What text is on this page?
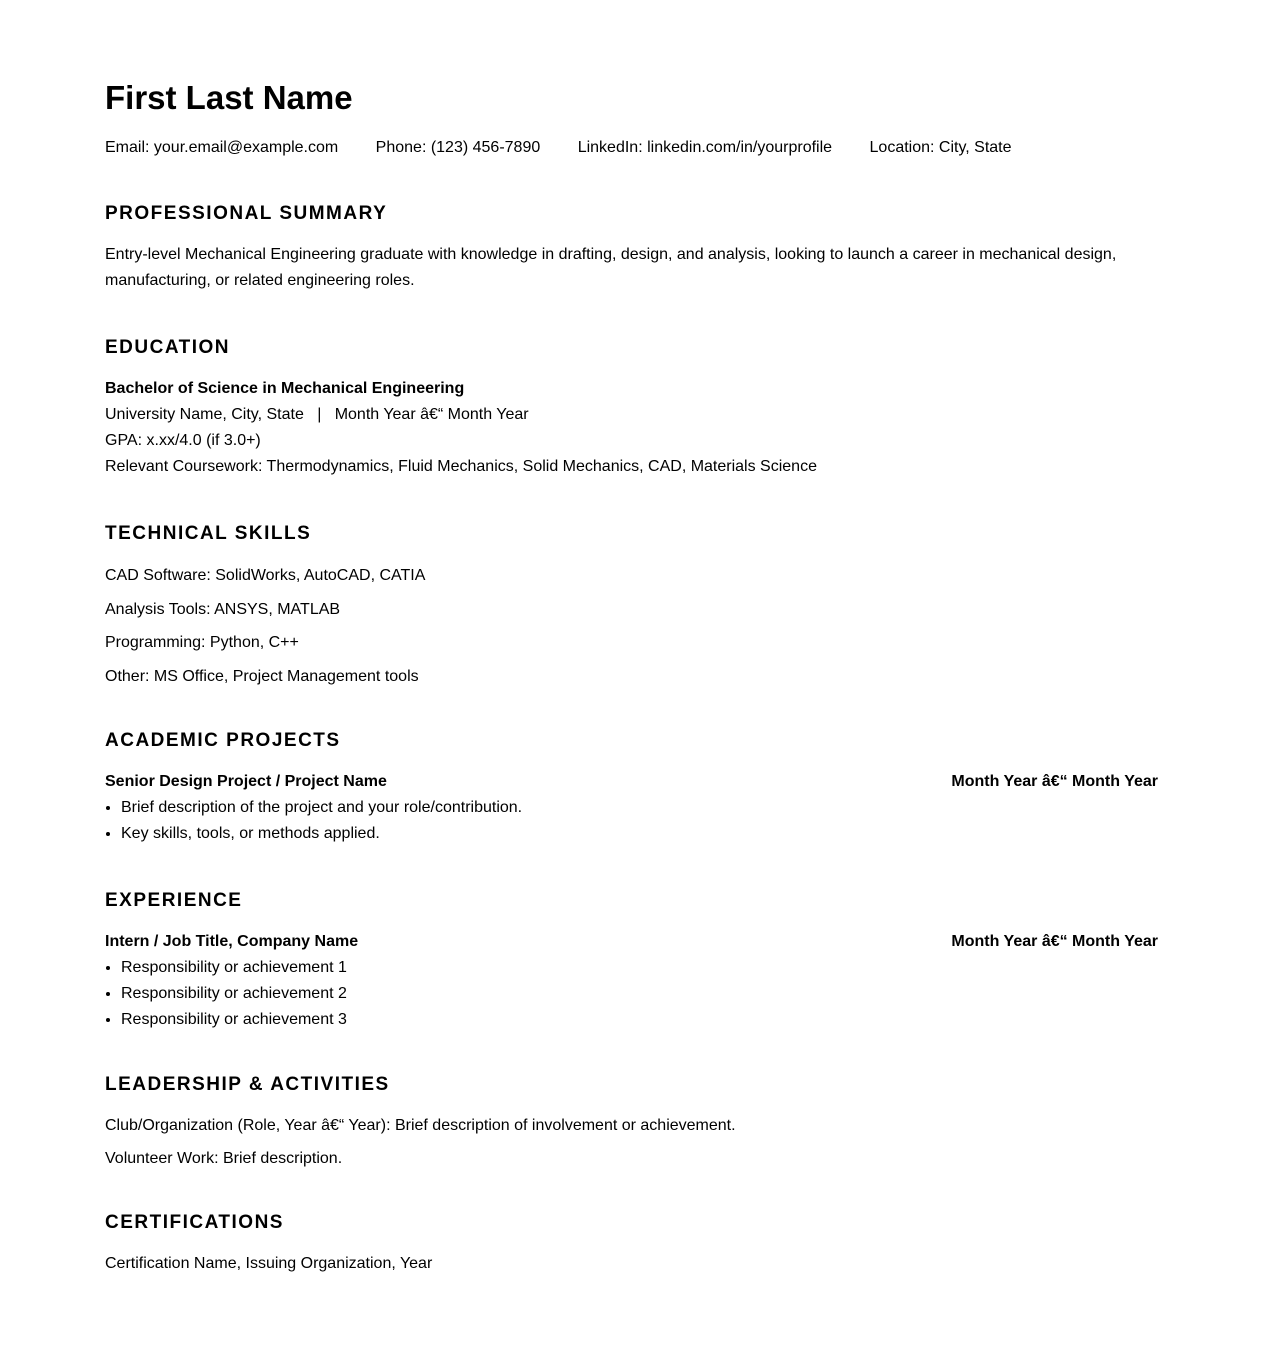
First Last Name
Email: your.email@example.com Phone: (123) 456-7890 LinkedIn: linkedin.com/in/yourprofile Location: City, State
PROFESSIONAL SUMMARY
Entry-level Mechanical Engineering graduate with knowledge in drafting, design, and analysis, looking to launch a career in mechanical design, manufacturing, or related engineering roles.
EDUCATION
Bachelor of Science in Mechanical Engineering
University Name, City, State   |   Month Year â€“ Month Year
GPA: x.xx/4.0 (if 3.0+)
Relevant Coursework: Thermodynamics, Fluid Mechanics, Solid Mechanics, CAD, Materials Science
TECHNICAL SKILLS
CAD Software: SolidWorks, AutoCAD, CATIA
Analysis Tools: ANSYS, MATLAB
Programming: Python, C++
Other: MS Office, Project Management tools
ACADEMIC PROJECTS
Senior Design Project / Project Name	Month Year â€“ Month Year
• Brief description of the project and your role/contribution.
• Key skills, tools, or methods applied.
EXPERIENCE
Intern / Job Title, Company Name	Month Year â€“ Month Year
• Responsibility or achievement 1
• Responsibility or achievement 2
• Responsibility or achievement 3
LEADERSHIP & ACTIVITIES
Club/Organization (Role, Year â€“ Year): Brief description of involvement or achievement.
Volunteer Work: Brief description.
CERTIFICATIONS
Certification Name, Issuing Organization, Year
